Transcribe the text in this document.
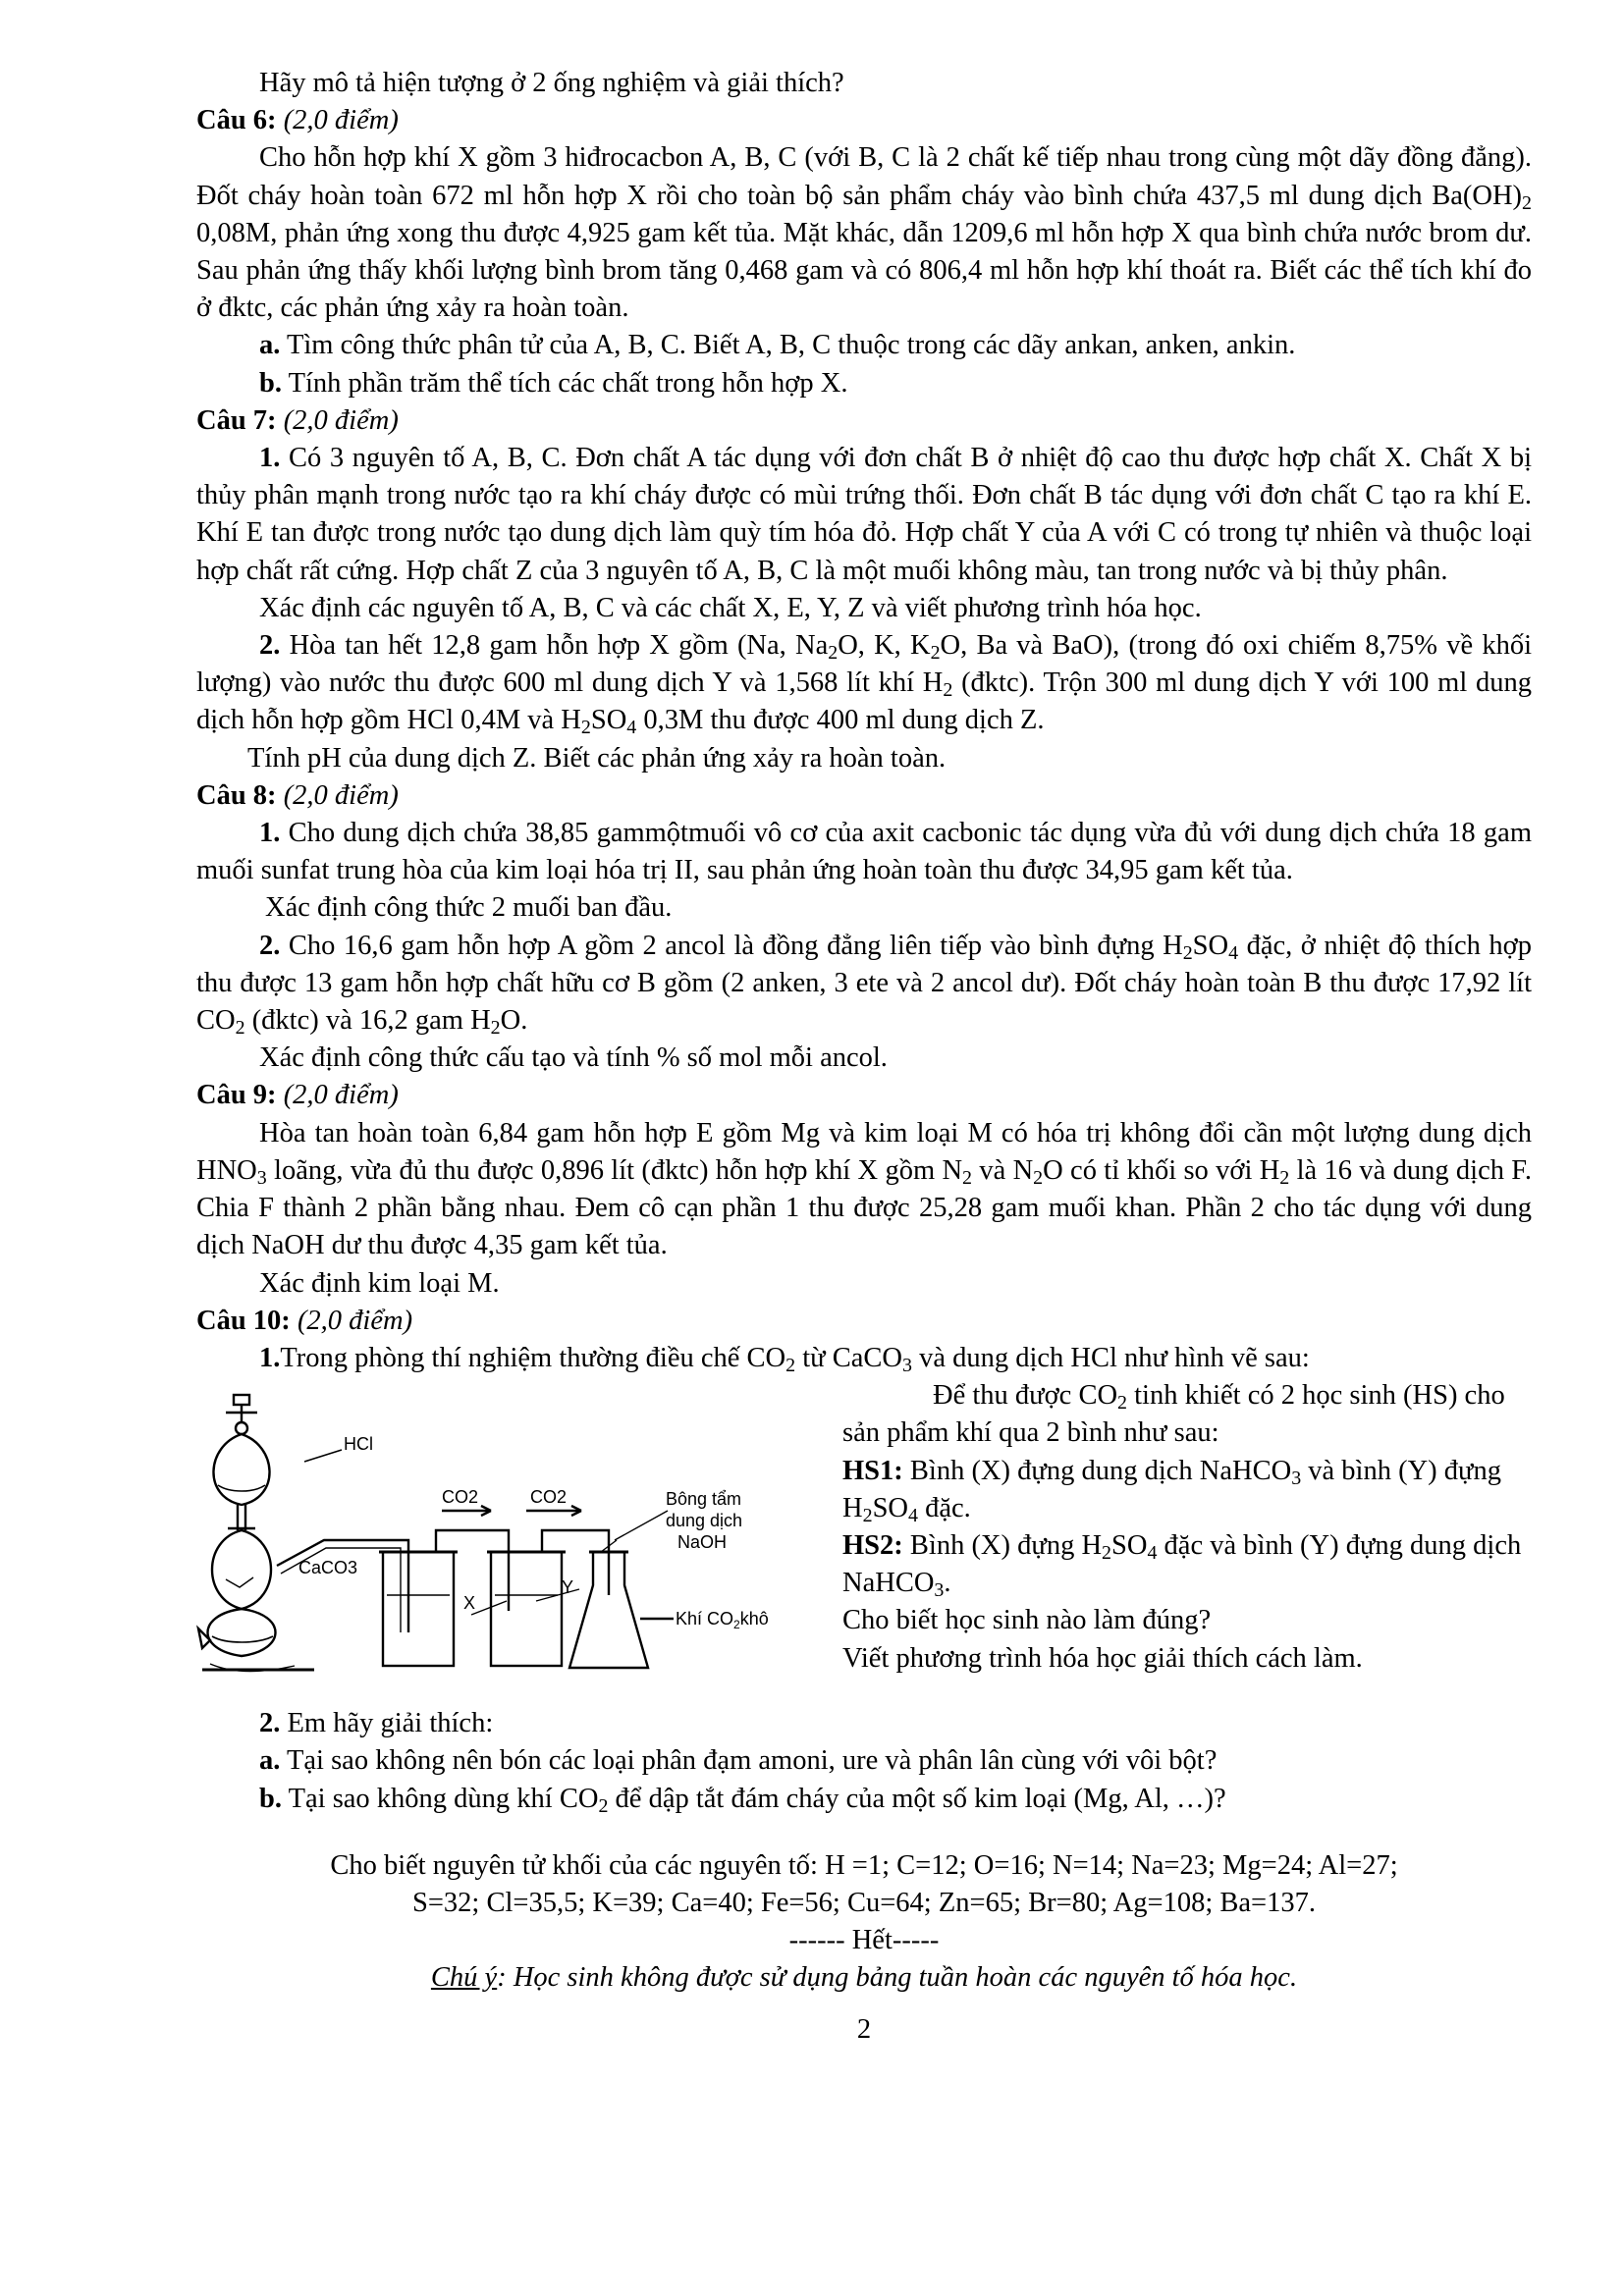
Hãy mô tả hiện tượng ở 2 ống nghiệm và giải thích?

Câu 6: (2,0 điểm)

Cho hỗn hợp khí X gồm 3 hiđrocacbon A, B, C (với B, C là 2 chất kế tiếp nhau trong cùng một dãy đồng đẳng). Đốt cháy hoàn toàn 672 ml hỗn hợp X rồi cho toàn bộ sản phẩm cháy vào bình chứa 437,5 ml dung dịch $Ba(OH)_2$ 0,08M, phản ứng xong thu được 4,925 gam kết tủa. Mặt khác, dẫn 1209,6 ml hỗn hợp X qua bình chứa nước brom dư. Sau phản ứng thấy khối lượng bình brom tăng 0,468 gam và có 806,4 ml hỗn hợp khí thoát ra. Biết các thể tích khí đo ở đktc, các phản ứng xảy ra hoàn toàn.

a. Tìm công thức phân tử của A, B, C. Biết A, B, C thuộc trong các dãy ankan, anken, ankin.

b. Tính phần trăm thể tích các chất trong hỗn hợp X.

Câu 7: (2,0 điểm)

1. Có 3 nguyên tố A, B, C. Đơn chất A tác dụng với đơn chất B ở nhiệt độ cao thu được hợp chất X. Chất X bị thủy phân mạnh trong nước tạo ra khí cháy được có mùi trứng thối. Đơn chất B tác dụng với đơn chất C tạo ra khí E. Khí E tan được trong nước tạo dung dịch làm quỳ tím hóa đỏ. Hợp chất Y của A với C có trong tự nhiên và thuộc loại hợp chất rất cứng. Hợp chất Z của 3 nguyên tố A, B, C là một muối không màu, tan trong nước và bị thủy phân.

Xác định các nguyên tố A, B, C và các chất X, E, Y, Z và viết phương trình hóa học.

2. Hòa tan hết 12,8 gam hỗn hợp X gồm (Na, $Na_2O$, K, $K_2O$, Ba và BaO), (trong đó oxi chiếm 8,75% về khối lượng) vào nước thu được 600 ml dung dịch Y và 1,568 lít khí $H_2$ (đktc). Trộn 300 ml dung dịch Y với 100 ml dung dịch hỗn hợp gồm HCl 0,4M và $H_2SO_4$ 0,3M thu được 400 ml dung dịch Z.

Tính pH của dung dịch Z. Biết các phản ứng xảy ra hoàn toàn.

Câu 8: (2,0 điểm)

1. Cho dung dịch chứa 38,85 gammộtmuối vô cơ của axit cacbonic tác dụng vừa đủ với dung dịch chứa 18 gam muối sunfat trung hòa của kim loại hóa trị II, sau phản ứng hoàn toàn thu được 34,95 gam kết tủa.

Xác định công thức 2 muối ban đầu.

2. Cho 16,6 gam hỗn hợp A gồm 2 ancol là đồng đẳng liên tiếp vào bình đựng $H_2SO_4$ đặc, ở nhiệt độ thích hợp thu được 13 gam hỗn hợp chất hữu cơ B gồm (2 anken, 3 ete và 2 ancol dư). Đốt cháy hoàn toàn B thu được 17,92 lít $CO_2$ (đktc) và 16,2 gam $H_2O$.

Xác định công thức cấu tạo và tính % số mol mỗi ancol.

Câu 9: (2,0 điểm)

Hòa tan hoàn toàn 6,84 gam hỗn hợp E gồm Mg và kim loại M có hóa trị không đổi cần một lượng dung dịch $HNO_3$ loãng, vừa đủ thu được 0,896 lít (đktc) hỗn hợp khí X gồm $N_2$ và $N_2O$ có tỉ khối so với $H_2$ là 16 và dung dịch F. Chia F thành 2 phần bằng nhau. Đem cô cạn phần 1 thu được 25,28 gam muối khan. Phần 2 cho tác dụng với dung dịch NaOH dư thu được 4,35 gam kết tủa.

Xác định kim loại M.

Câu 10: (2,0 điểm)

1.Trong phòng thí nghiệm thường điều chế $CO_2$ từ CaCO$_3$ và dung dịch HCl như hình vẽ sau:

HCl
CaCO3
CO2	CO2
X
Y
Bông tẩm
dung dịch
NaOH
Khí $CO_2khô$

Để thu được $CO_2$ tinh khiết có 2 học sinh (HS) cho sản phẩm khí qua 2 bình như sau:

HS1: Bình (X) đựng dung dịch NaHCO$_3$ và bình (Y) đựng $H_2SO_4$ đặc.

HS2: Bình (X) đựng $H_2SO_4$ đặc và bình (Y) đựng dung dịch NaHCO$_3$.

Cho biết học sinh nào làm đúng?

Viết phương trình hóa học giải thích cách làm.

2. Em hãy giải thích:

a. Tại sao không nên bón các loại phân đạm amoni, ure và phân lân cùng với vôi bột?

b. Tại sao không dùng khí $CO_2$ để dập tắt đám cháy của một số kim loại (Mg, Al, …)?

Cho biết nguyên tử khối của các nguyên tố: H =1; C=12; O=16; N=14; Na=23; Mg=24; Al=27;

S=32; Cl=35,5; K=39; Ca=40; Fe=56; Cu=64; Zn=65; Br=80; Ag=108; Ba=137.

------ Hết-----

Chú ý: Học sinh không được sử dụng bảng tuần hoàn các nguyên tố hóa học.

2
